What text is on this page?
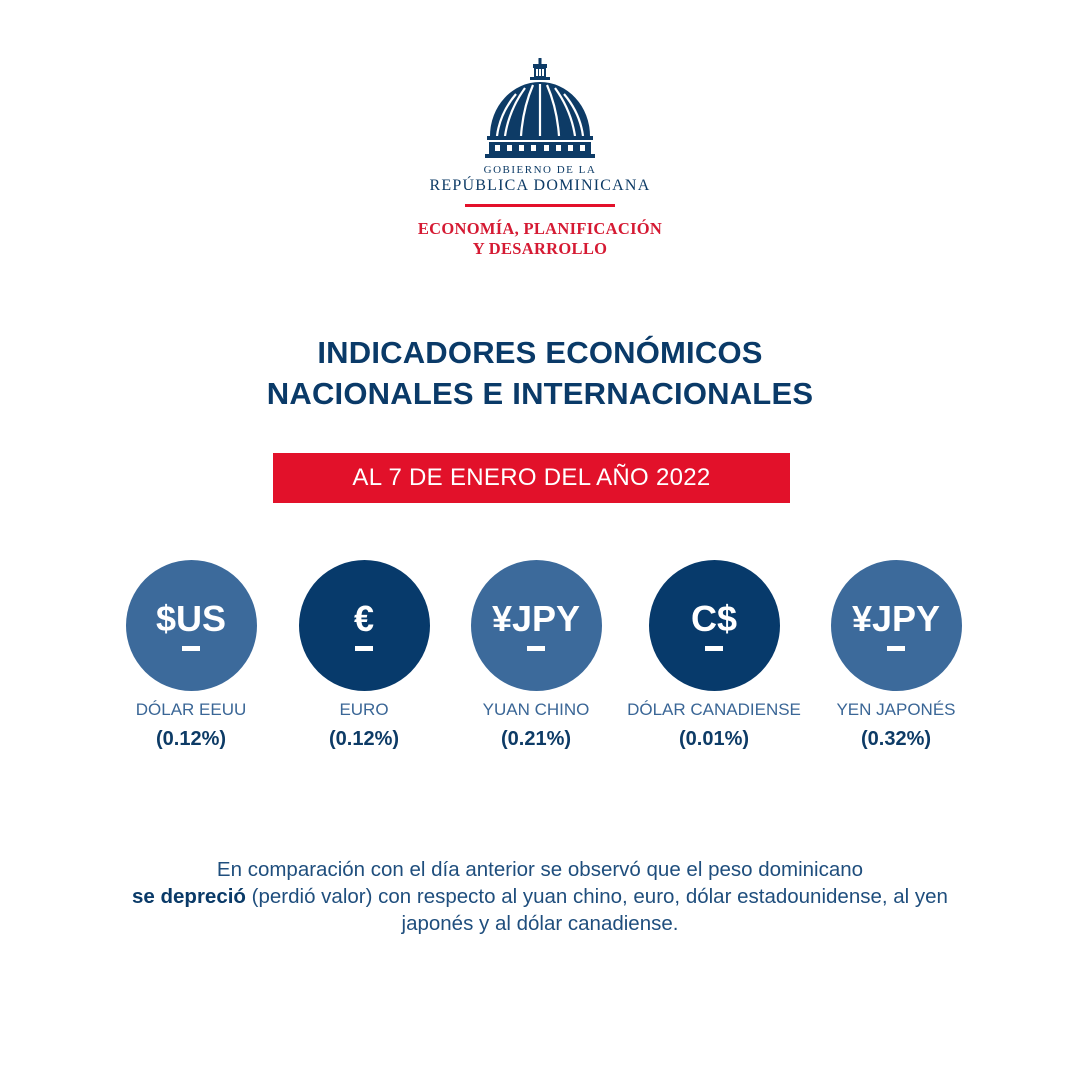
GOBIERNO DE LA
REPÚBLICA DOMINICANA
ECONOMÍA, PLANIFICACIÓN
Y DESARROLLO
INDICADORES ECONÓMICOS
NACIONALES E INTERNACIONALES
AL 7 DE ENERO DEL AÑO 2022
$US
DÓLAR EEUU
(0.12%)
€
EURO
(0.12%)
¥JPY
YUAN CHINO
(0.21%)
C$
DÓLAR CANADIENSE
(0.01%)
¥JPY
YEN JAPONÉS
(0.32%)

En comparación con el día anterior se observó que el peso dominicano
se depreció (perdió valor) con respecto al yuan chino, euro, dólar estadounidense, al yen japonés y al dólar canadiense.
